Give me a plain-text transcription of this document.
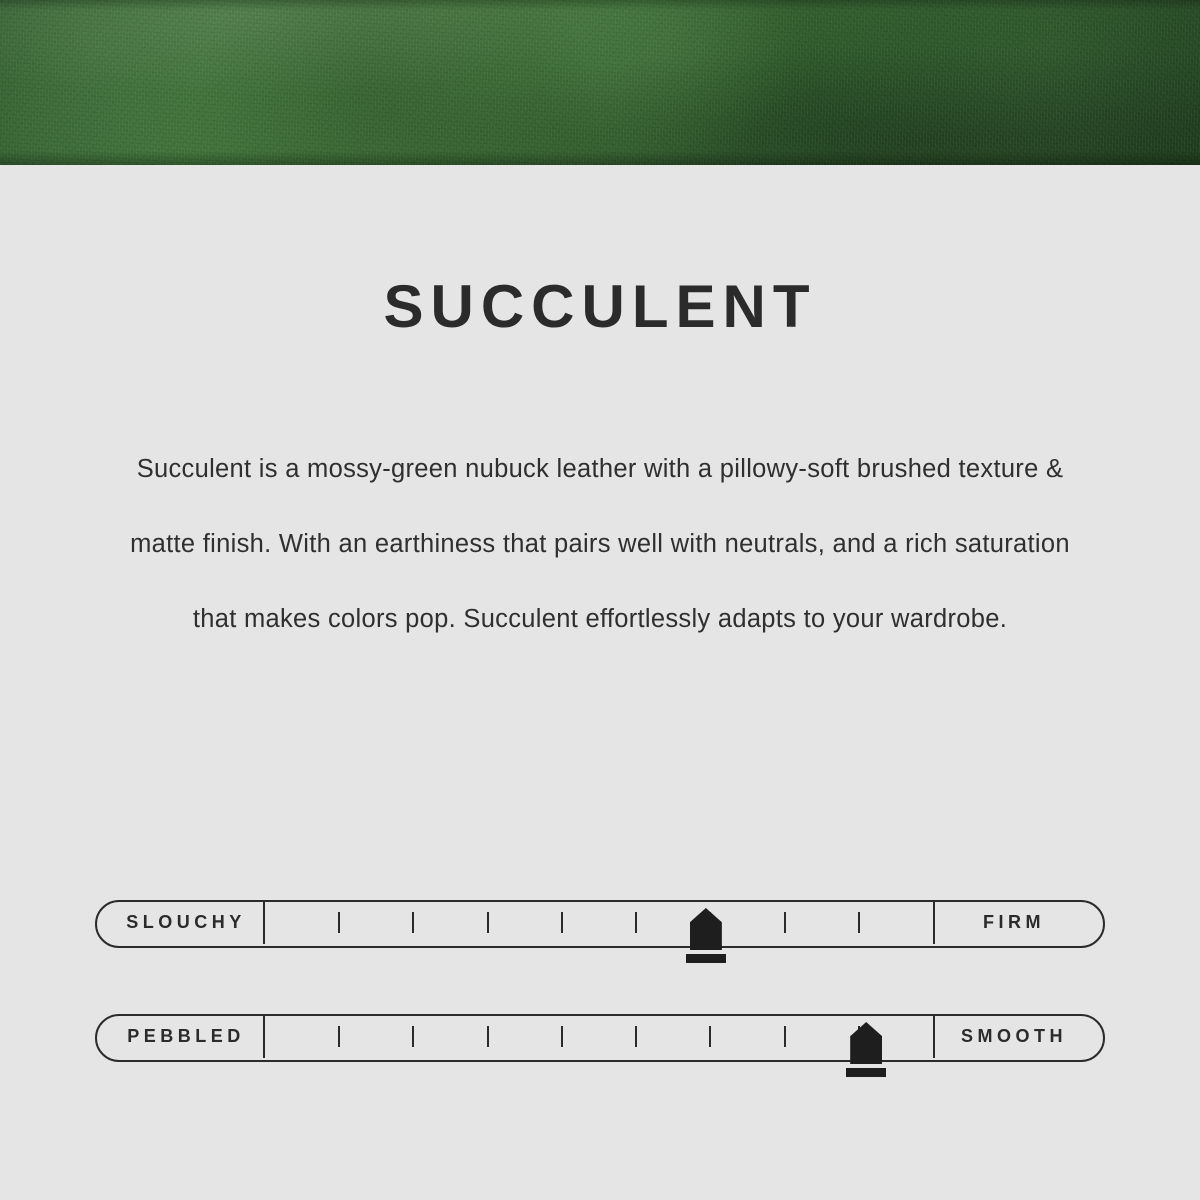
SUCCULENT
Succulent is a mossy-green nubuck leather with a pillowy-soft brushed texture & matte finish. With an earthiness that pairs well with neutrals, and a rich saturation that makes colors pop. Succulent effortlessly adapts to your wardrobe.
SLOUCHY	FIRM
PEBBLED	SMOOTH
